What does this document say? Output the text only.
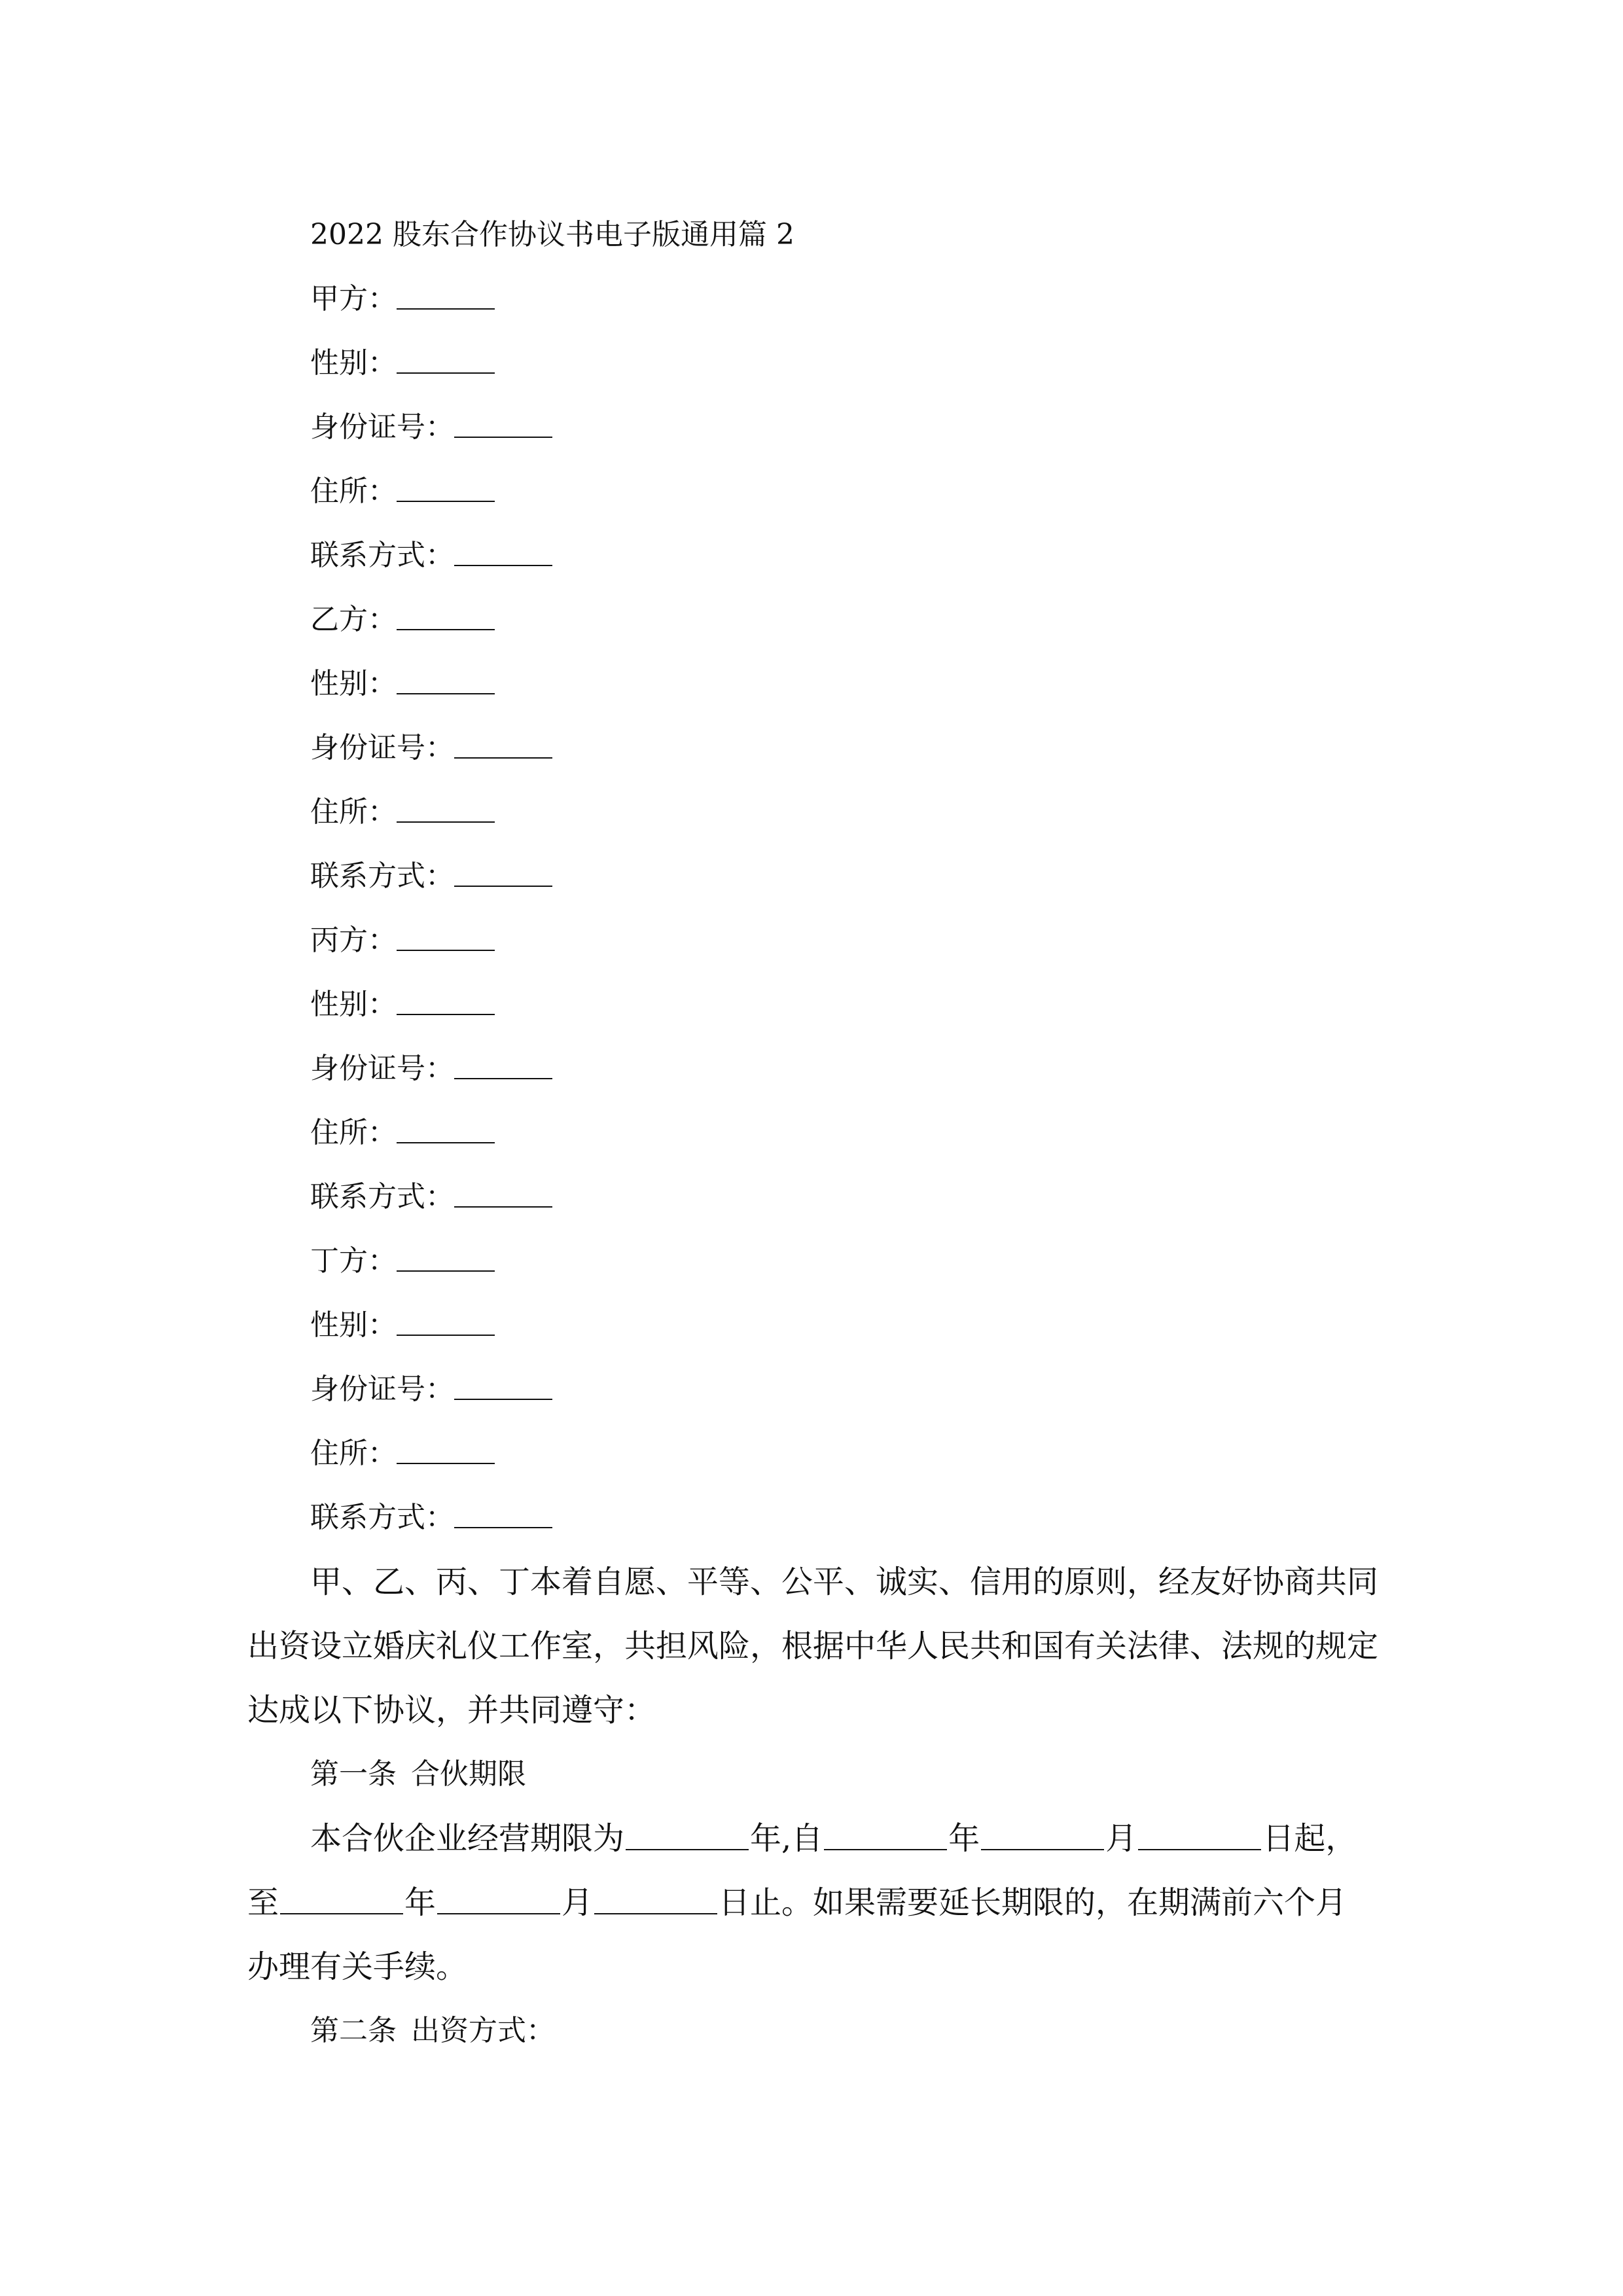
2022 股东合作协议书电子版通用篇 2
甲方：
性别：
身份证号：
住所：
联系方式：
乙方：
性别：
身份证号：
住所：
联系方式：
丙方：
性别：
身份证号：
住所：
联系方式：
丁方：
性别：
身份证号：
住所：
联系方式：
甲、乙、丙、丁本着自愿、平等、公平、诚实、信用的原则，经友好协商共同出资设立婚庆礼仪工作室，共担风险，根据中华人民共和国有关法律、法规的规定达成以下协议，并共同遵守：
第一条 合伙期限
本合伙企业经营期限为	年,自	年	月	日起，至	年	月	日止。如果需要延长期限的，在期满前六个月办理有关手续。
第二条 出资方式：
